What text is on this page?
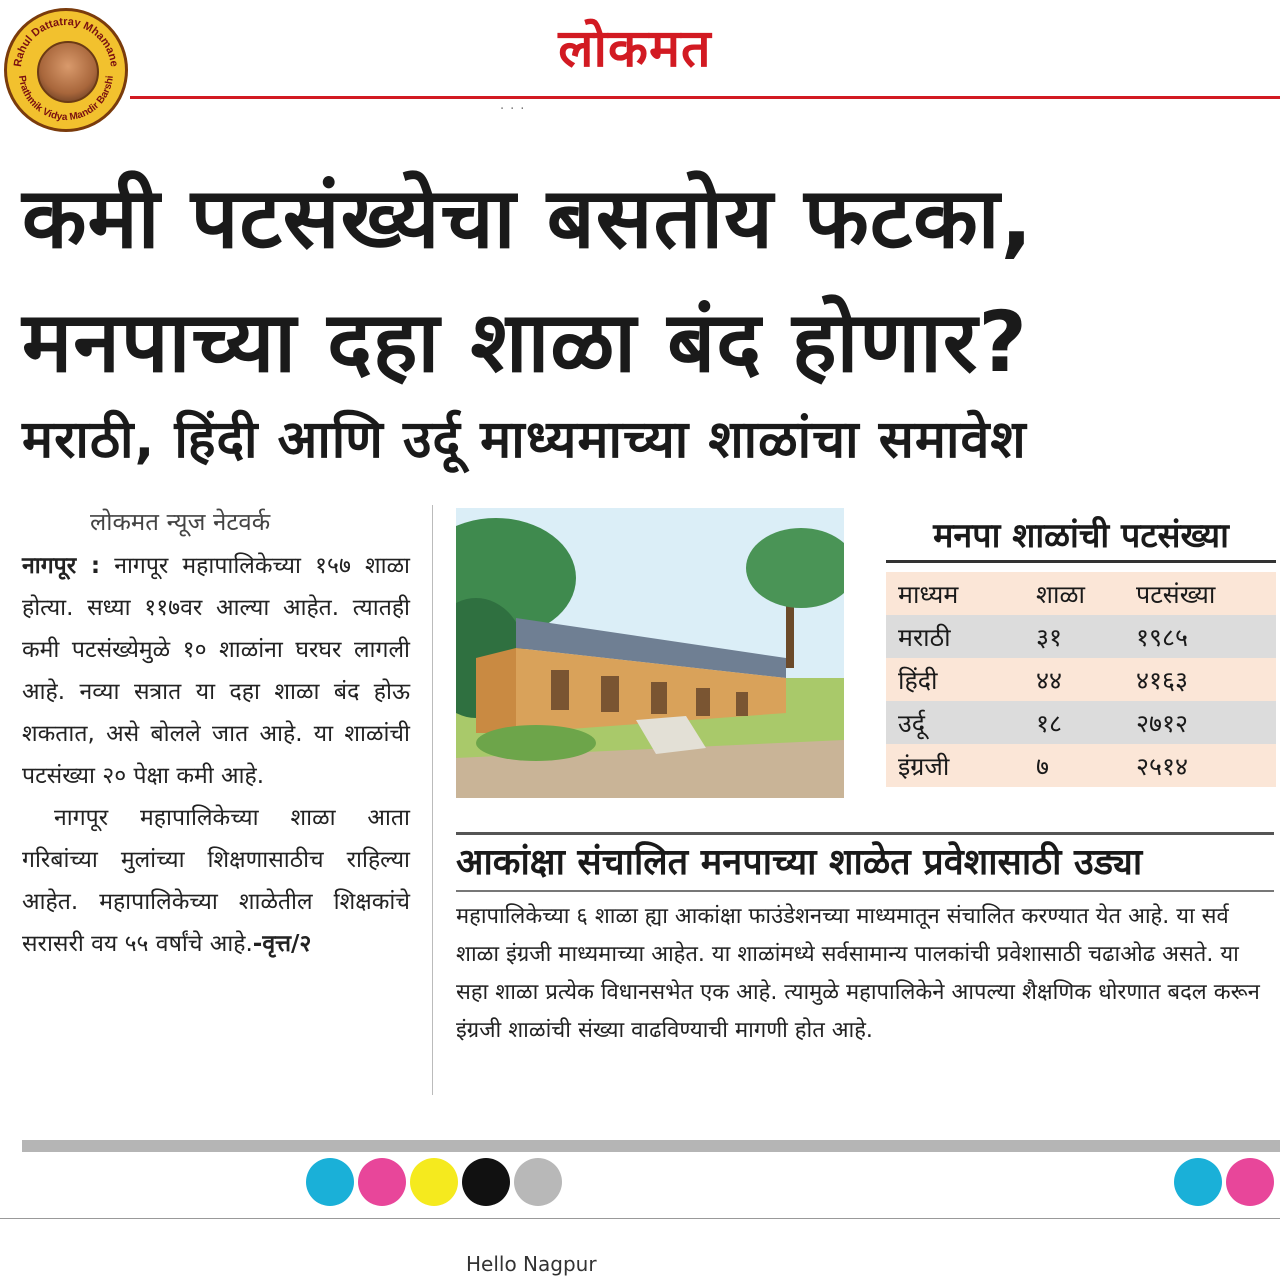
Rahul Dattatray Mhamane
Prathmik Vidya Mandir Barshi	लोकमत
...
कमी पटसंख्येचा बसतोय फटका,
मनपाच्या दहा शाळा बंद होणार?
मराठी, हिंदी आणि उर्दू माध्यमाच्या शाळांचा समावेश
लोकमत न्यूज नेटवर्क

नागपूर : नागपूर महापालिकेच्या १५७ शाळा होत्या. सध्या ११७वर आल्या आहेत. त्यातही कमी पटसंख्येमुळे १० शाळांना घरघर लागली आहे. नव्या सत्रात या दहा शाळा बंद होऊ शकतात, असे बोलले जात आहे. या शाळांची पटसंख्या २० पेक्षा कमी आहे.

नागपूर महापालिकेच्या शाळा आता गरिबांच्या मुलांच्या शिक्षणासाठीच राहिल्या आहेत. महापालिकेच्या शाळेतील शिक्षकांचे सरासरी वय ५५ वर्षांचे आहे.-वृत्त/२

मनपा शाळांची पटसंख्या
माध्यम	शाळा	पटसंख्या
मराठी	३१	१९८५
हिंदी	४४	४१६३
उर्दू	१८	२७१२
इंग्रजी	७	२५१४
आकांक्षा संचालित मनपाच्या शाळेत प्रवेशासाठी उड्या

महापालिकेच्या ६ शाळा ह्या आकांक्षा फाउंडेशनच्या माध्यमातून संचालित करण्यात येत आहे. या सर्व शाळा इंग्रजी माध्यमाच्या आहेत. या शाळांमध्ये सर्वसामान्य पालकांची प्रवेशासाठी चढाओढ असते. या सहा शाळा प्रत्येक विधानसभेत एक आहे. त्यामुळे महापालिकेने आपल्या शैक्षणिक धोरणात बदल करून इंग्रजी शाळांची संख्या वाढविण्याची मागणी होत आहे.

Hello Nagpur
